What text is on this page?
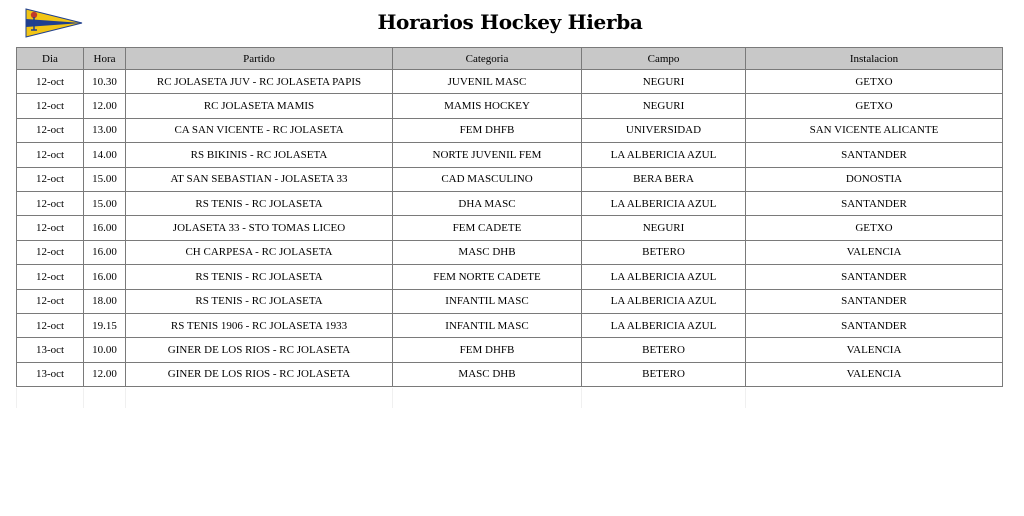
Horarios Hockey Hierba
Dia	Hora	Partido	Categoria	Campo	Instalacion
12-oct	10.30	RC JOLASETA JUV - RC JOLASETA PAPIS	JUVENIL MASC	NEGURI	GETXO
12-oct	12.00	RC JOLASETA MAMIS	MAMIS HOCKEY	NEGURI	GETXO
12-oct	13.00	CA SAN VICENTE - RC JOLASETA	FEM DHFB	UNIVERSIDAD	SAN VICENTE ALICANTE
12-oct	14.00	RS BIKINIS - RC JOLASETA	NORTE JUVENIL FEM	LA ALBERICIA AZUL	SANTANDER
12-oct	15.00	AT SAN SEBASTIAN - JOLASETA 33	CAD MASCULINO	BERA BERA	DONOSTIA
12-oct	15.00	RS TENIS - RC JOLASETA	DHA MASC	LA ALBERICIA AZUL	SANTANDER
12-oct	16.00	JOLASETA 33 - STO TOMAS LICEO	FEM CADETE	NEGURI	GETXO
12-oct	16.00	CH CARPESA - RC JOLASETA	MASC DHB	BETERO	VALENCIA
12-oct	16.00	RS TENIS - RC JOLASETA	FEM NORTE CADETE	LA ALBERICIA AZUL	SANTANDER
12-oct	18.00	RS TENIS - RC JOLASETA	INFANTIL MASC	LA ALBERICIA AZUL	SANTANDER
12-oct	19.15	RS TENIS 1906 - RC JOLASETA 1933	INFANTIL MASC	LA ALBERICIA AZUL	SANTANDER
13-oct	10.00	GINER DE LOS RIOS - RC JOLASETA	FEM DHFB	BETERO	VALENCIA
13-oct	12.00	GINER DE LOS RIOS - RC JOLASETA	MASC DHB	BETERO	VALENCIA
